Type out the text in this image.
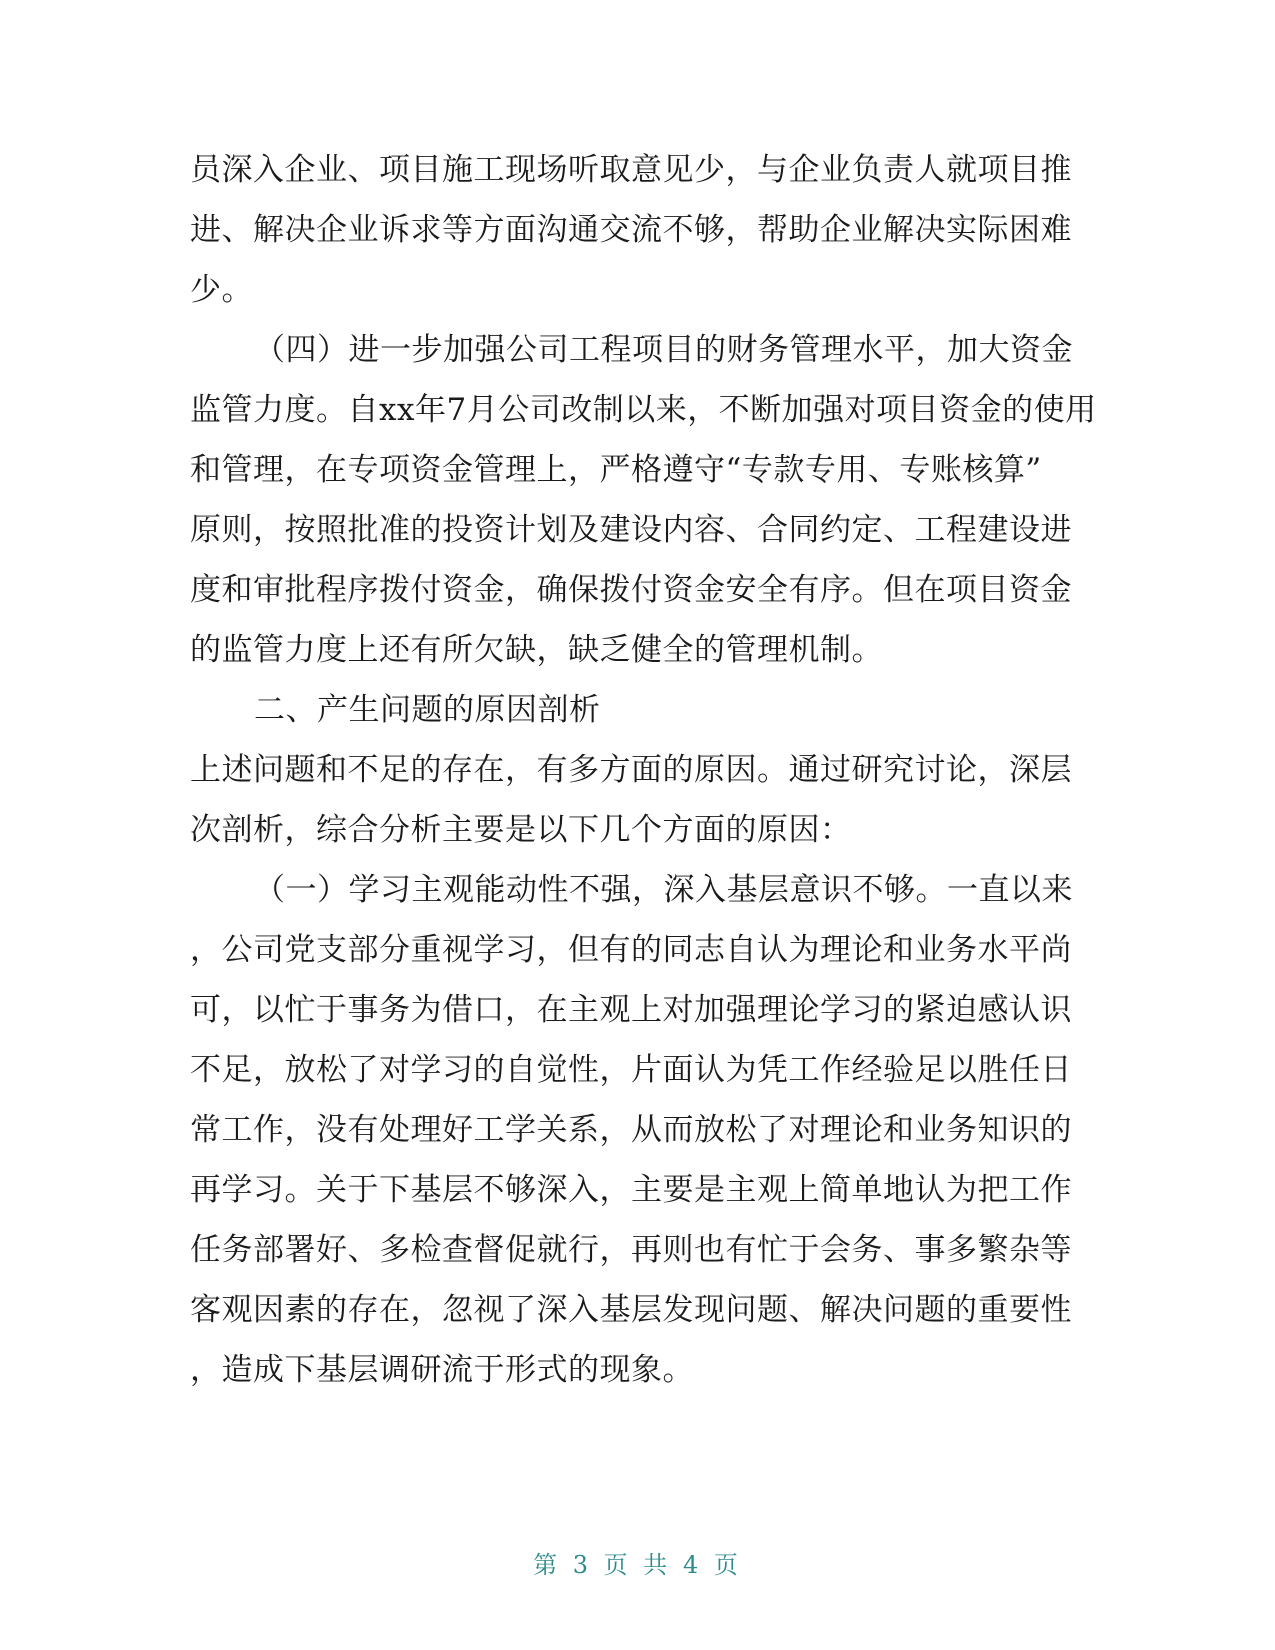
员深入企业、项目施工现场听取意见少，与企业负责人就项目推
进、解决企业诉求等方面沟通交流不够，帮助企业解决实际困难
少。
（四）进一步加强公司工程项目的财务管理水平，加大资金
监管力度。自xx年7月公司改制以来，不断加强对项目资金的使用
和管理，在专项资金管理上，严格遵守“专款专用、专账核算”
原则，按照批准的投资计划及建设内容、合同约定、工程建设进
度和审批程序拨付资金，确保拨付资金安全有序。但在项目资金
的监管力度上还有所欠缺，缺乏健全的管理机制。
二、产生问题的原因剖析
上述问题和不足的存在，有多方面的原因。通过研究讨论，深层
次剖析，综合分析主要是以下几个方面的原因：
（一）学习主观能动性不强，深入基层意识不够。一直以来
，公司党支部分重视学习，但有的同志自认为理论和业务水平尚
可，以忙于事务为借口，在主观上对加强理论学习的紧迫感认识
不足，放松了对学习的自觉性，片面认为凭工作经验足以胜任日
常工作，没有处理好工学关系，从而放松了对理论和业务知识的
再学习。关于下基层不够深入，主要是主观上简单地认为把工作
任务部署好、多检查督促就行，再则也有忙于会务、事多繁杂等
客观因素的存在，忽视了深入基层发现问题、解决问题的重要性
，造成下基层调研流于形式的现象。
第 3 页 共 4 页
